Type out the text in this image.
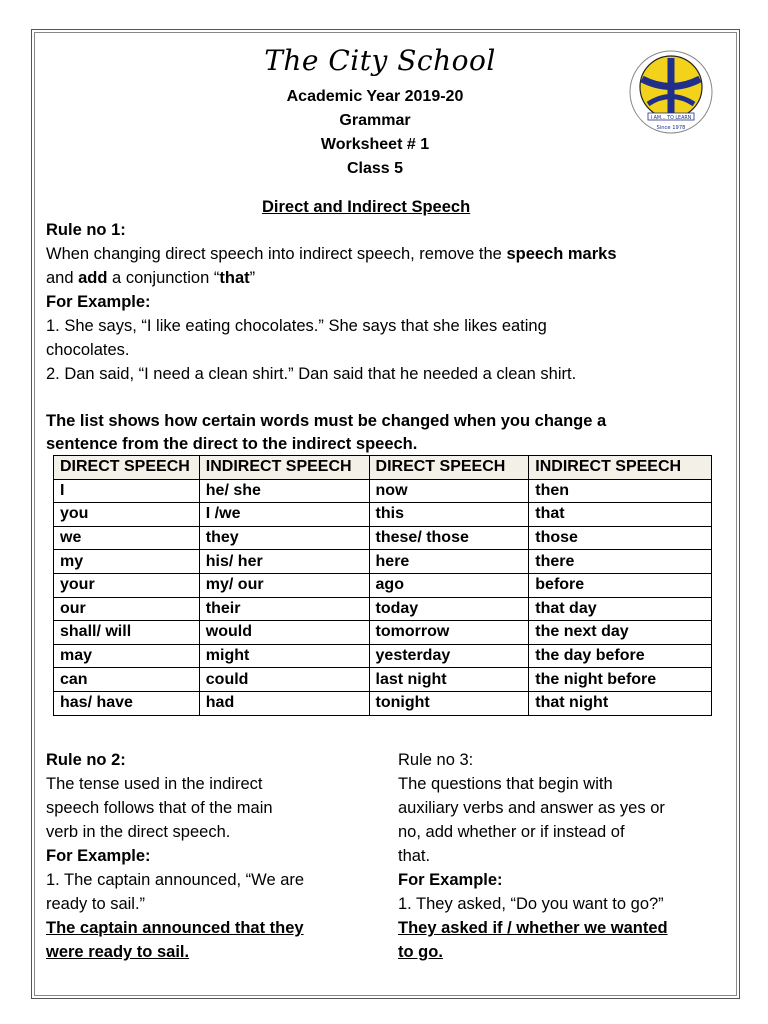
The City School
Academic Year 2019-20
Grammar
Worksheet # 1
Class 5
I AM... TO LEARN
Since 1978
Direct and Indirect Speech
Rule no 1:
When changing direct speech into indirect speech, remove the speech marks
and add a conjunction “that”
For Example:
1. She says, “I like eating chocolates.” She says that she likes eating
chocolates.
2. Dan said, “I need a clean shirt.” Dan said that he needed a clean shirt.
The list shows how certain words must be changed when you change a
sentence from the direct to the indirect speech.
DIRECT SPEECH	INDIRECT SPEECH	DIRECT SPEECH	INDIRECT SPEECH
I	he/ she	now	then
you	I /we	this	that
we	they	these/ those	those
my	his/ her	here	there
your	my/ our	ago	before
our	their	today	that day
shall/ will	would	tomorrow	the next day
may	might	yesterday	the day before
can	could	last night	the night before
has/ have	had	tonight	that night
Rule no 2:
The tense used in the indirect
speech follows that of the main
verb in the direct speech.
For Example:
1. The captain announced, “We are
ready to sail.”
The captain announced that they
were ready to sail.
Rule no 3:
The questions that begin with
auxiliary verbs and answer as yes or
no, add whether or if instead of
that.
For Example:
1. They asked, “Do you want to go?”
They asked if / whether we wanted
to go.
